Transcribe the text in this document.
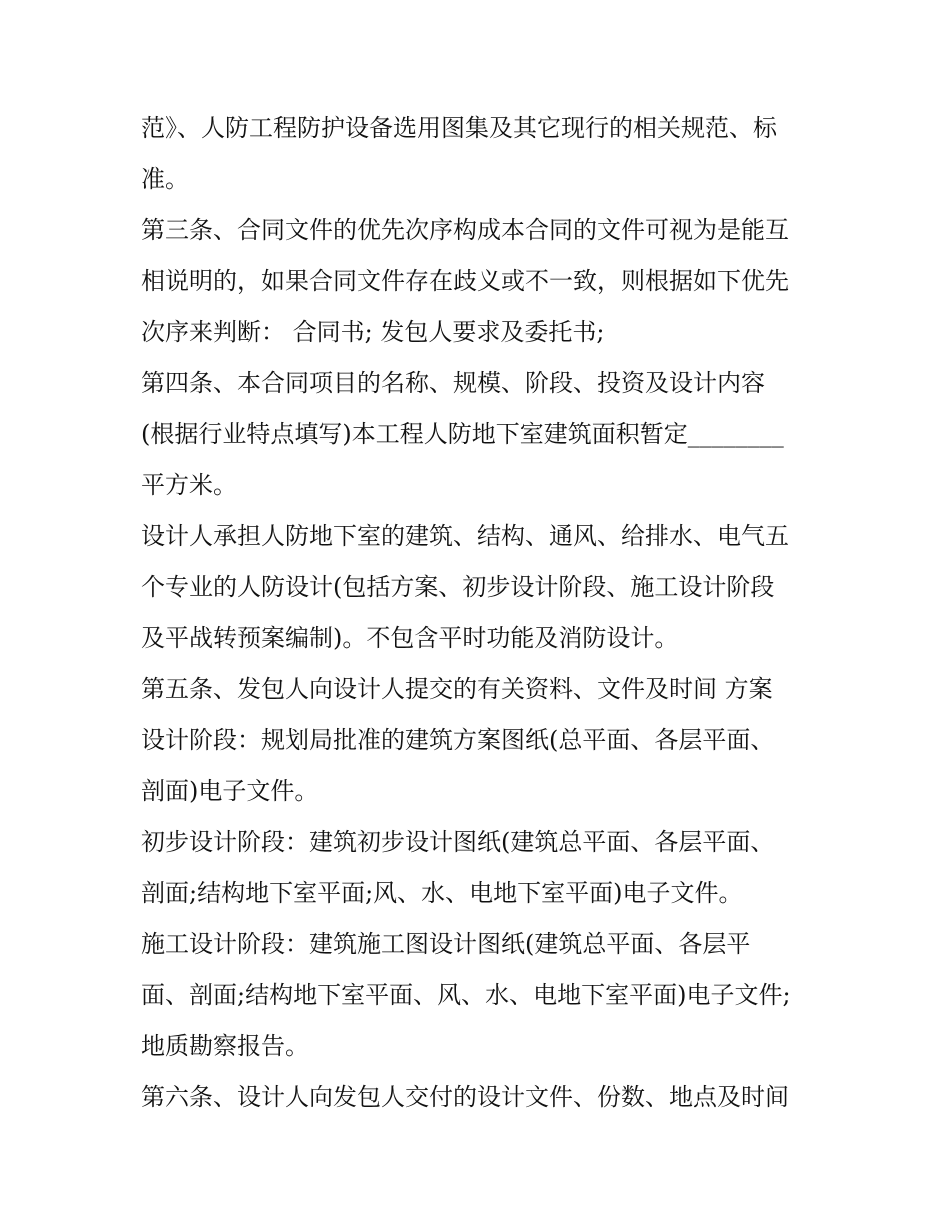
范》、人防工程防护设备选用图集及其它现行的相关规范、标
准。
第三条、合同文件的优先次序构成本合同的文件可视为是能互
相说明的，如果合同文件存在歧义或不一致，则根据如下优先
次序来判断： 合同书; 发包人要求及委托书;
第四条、本合同项目的名称、规模、阶段、投资及设计内容
(根据行业特点填写)本工程人防地下室建筑面积暂定________
平方米。
设计人承担人防地下室的建筑、结构、通风、给排水、电气五
个专业的人防设计(包括方案、初步设计阶段、施工设计阶段
及平战转预案编制)。不包含平时功能及消防设计。
第五条、发包人向设计人提交的有关资料、文件及时间 方案
设计阶段：规划局批准的建筑方案图纸(总平面、各层平面、
剖面)电子文件。
初步设计阶段：建筑初步设计图纸(建筑总平面、各层平面、
剖面;结构地下室平面;风、水、电地下室平面)电子文件。
施工设计阶段：建筑施工图设计图纸(建筑总平面、各层平
面、剖面;结构地下室平面、风、水、电地下室平面)电子文件;
地质勘察报告。
第六条、设计人向发包人交付的设计文件、份数、地点及时间
